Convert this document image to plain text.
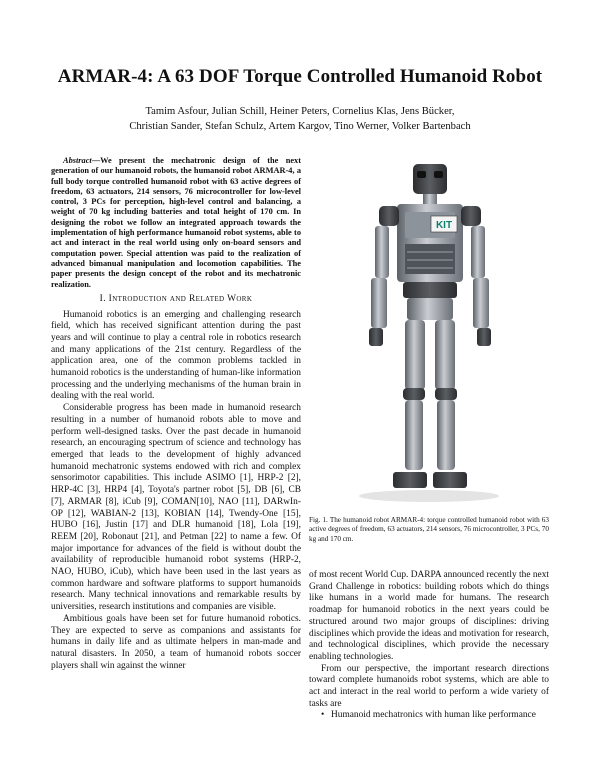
ARMAR-4: A 63 DOF Torque Controlled Humanoid Robot
Tamim Asfour, Julian Schill, Heiner Peters, Cornelius Klas, Jens Bücker,
Christian Sander, Stefan Schulz, Artem Kargov, Tino Werner, Volker Bartenbach

Abstract—We present the mechatronic design of the next generation of our humanoid robots, the humanoid robot ARMAR-4, a full body torque controlled humanoid robot with 63 active degrees of freedom, 63 actuators, 214 sensors, 76 microcontroller for low-level control, 3 PCs for perception, high-level control and balancing, a weight of 70 kg including batteries and total height of 170 cm. In designing the robot we follow an integrated approach towards the implementation of high performance humanoid robot systems, able to act and interact in the real world using only on-board sensors and computation power. Special attention was paid to the realization of advanced bimanual manipulation and locomotion capabilities. The paper presents the design concept of the robot and its mechatronic realization.

I. Introduction and Related Work

Humanoid robotics is an emerging and challenging research field, which has received significant attention during the past years and will continue to play a central role in robotics research and many applications of the 21st century. Regardless of the application area, one of the common problems tackled in humanoid robotics is the understanding of human-like information processing and the underlying mechanisms of the human brain in dealing with the real world.

Considerable progress has been made in humanoid research resulting in a number of humanoid robots able to move and perform well-designed tasks. Over the past decade in humanoid research, an encouraging spectrum of science and technology has emerged that leads to the development of highly advanced humanoid mechatronic systems endowed with rich and complex sensorimotor capabilities. This include ASIMO [1], HRP-2 [2], HRP-4C [3], HRP4 [4], Toyota's partner robot [5], DB [6], CB [7], ARMAR [8], iCub [9], COMAN[10], NAO [11], DARwIn-OP [12], WABIAN-2 [13], KOBIAN [14], Twendy-One [15], HUBO [16], Justin [17] and DLR humanoid [18], Lola [19], REEM [20], Robonaut [21], and Petman [22] to name a few. Of major importance for advances of the field is without doubt the availability of reproducible humanoid robot systems (HRP-2, NAO, HUBO, iCub), which have been used in the last years as common hardware and software platforms to support humanoids research. Many technical innovations and remarkable results by universities, research institutions and companies are visible.

Ambitious goals have been set for future humanoid robotics. They are expected to serve as companions and assistants for humans in daily life and as ultimate helpers in man-made and natural disasters. In 2050, a team of humanoid robots soccer players shall win against the winner

KIT
Fig. 1. The humanoid robot ARMAR-4: torque controlled humanoid robot with 63 active degrees of freedom, 63 actuators, 214 sensors, 76 microcontroller, 3 PCs, 70 kg and 170 cm.

of most recent World Cup. DARPA announced recently the next Grand Challenge in robotics: building robots which do things like humans in a world made for humans. The research roadmap for humanoid robotics in the next years could be structured around two major groups of disciplines: driving disciplines which provide the ideas and motivation for research, and technological disciplines, which provide the necessary enabling technologies.

From our perspective, the important research directions toward complete humanoids robot systems, which are able to act and interact in the real world to perform a wide variety of tasks are

• Humanoid mechatronics with human like performance
